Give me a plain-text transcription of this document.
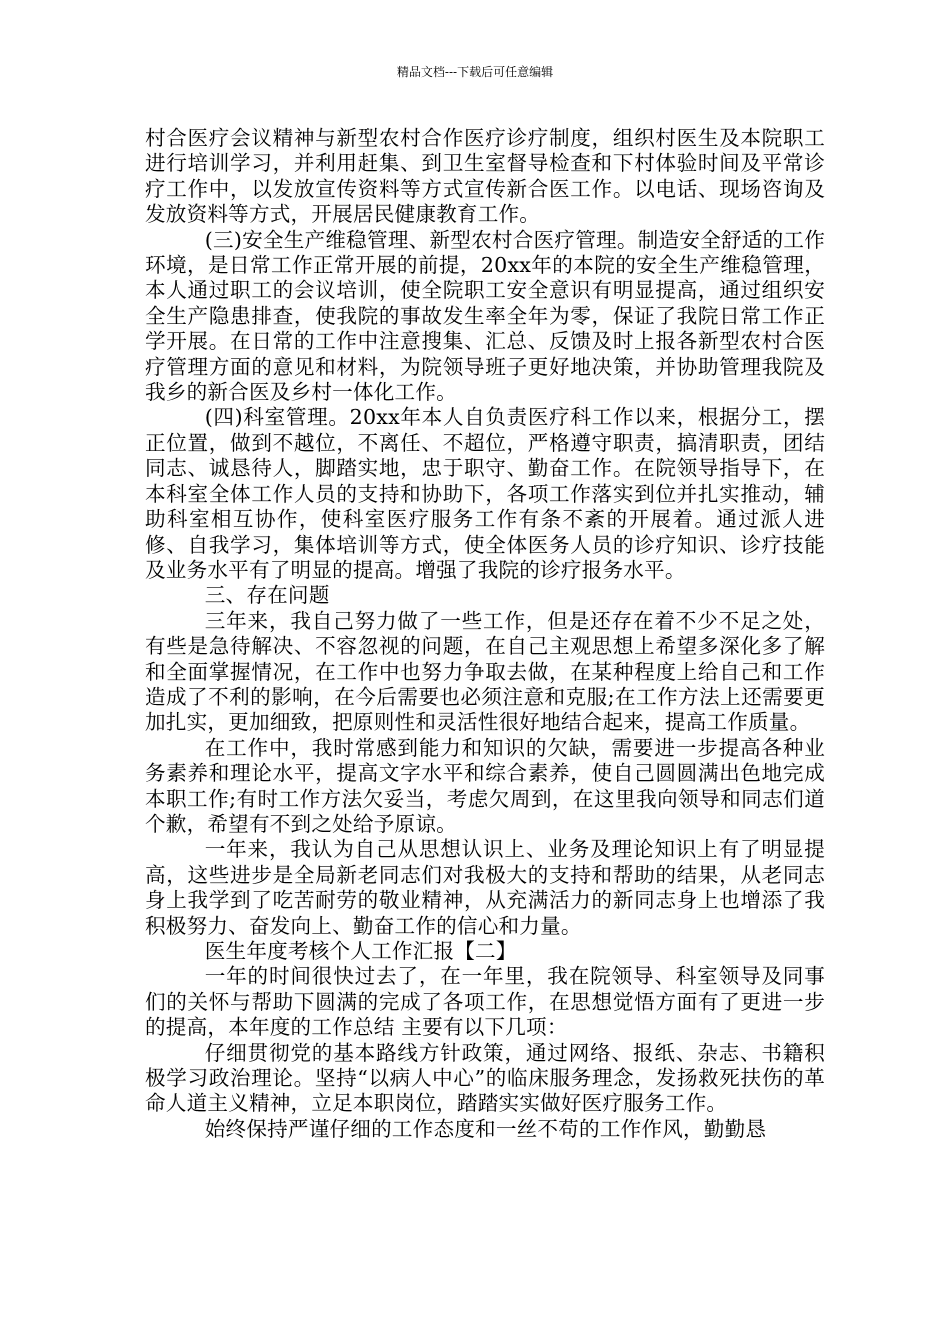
精品文档---下载后可任意编辑

村合医疗会议精神与新型农村合作医疗诊疗制度，组织村医生及本院职工进行培训学习，并利用赶集、到卫生室督导检查和下村体验时间及平常诊疗工作中，以发放宣传资料等方式宣传新合医工作。以电话、现场咨询及发放资料等方式，开展居民健康教育工作。

(三)安全生产维稳管理、新型农村合医疗管理。制造安全舒适的工作环境，是日常工作正常开展的前提，20xx年的本院的安全生产维稳管理，本人通过职工的会议培训，使全院职工安全意识有明显提高，通过组织安全生产隐患排查，使我院的事故发生率全年为零，保证了我院日常工作正学开展。在日常的工作中注意搜集、汇总、反馈及时上报各新型农村合医疗管理方面的意见和材料，为院领导班子更好地决策，并协助管理我院及我乡的新合医及乡村一体化工作。

(四)科室管理。20xx年本人自负责医疗科工作以来，根据分工，摆正位置，做到不越位，不离任、不超位，严格遵守职责，搞清职责，团结同志、诚恳待人，脚踏实地，忠于职守、勤奋工作。在院领导指导下，在本科室全体工作人员的支持和协助下，各项工作落实到位并扎实推动，辅助科室相互协作，使科室医疗服务工作有条不紊的开展着。通过派人进修、自我学习，集体培训等方式，使全体医务人员的诊疗知识、诊疗技能及业务水平有了明显的提高。增强了我院的诊疗报务水平。

三、存在问题

三年来，我自己努力做了一些工作，但是还存在着不少不足之处，有些是急待解决、不容忽视的问题，在自己主观思想上希望多深化多了解和全面掌握情况，在工作中也努力争取去做，在某种程度上给自己和工作造成了不利的影响，在今后需要也必须注意和克服;在工作方法上还需要更加扎实，更加细致，把原则性和灵活性很好地结合起来，提高工作质量。

在工作中，我时常感到能力和知识的欠缺，需要进一步提高各种业务素养和理论水平，提高文字水平和综合素养，使自己圆圆满出色地完成本职工作;有时工作方法欠妥当，考虑欠周到，在这里我向领导和同志们道个歉，希望有不到之处给予原谅。

一年来，我认为自己从思想认识上、业务及理论知识上有了明显提高，这些进步是全局新老同志们对我极大的支持和帮助的结果，从老同志身上我学到了吃苦耐劳的敬业精神，从充满活力的新同志身上也增添了我积极努力、奋发向上、勤奋工作的信心和力量。

医生年度考核个人工作汇报【二】

一年的时间很快过去了，在一年里，我在院领导、科室领导及同事们的关怀与帮助下圆满的完成了各项工作，在思想觉悟方面有了更进一步的提高，本年度的工作总结 主要有以下几项：

仔细贯彻党的基本路线方针政策，通过网络、报纸、杂志、书籍积极学习政治理论。坚持“以病人中心”的临床服务理念，发扬救死扶伤的革命人道主义精神，立足本职岗位，踏踏实实做好医疗服务工作。

始终保持严谨仔细的工作态度和一丝不苟的工作作风，勤勤恳
